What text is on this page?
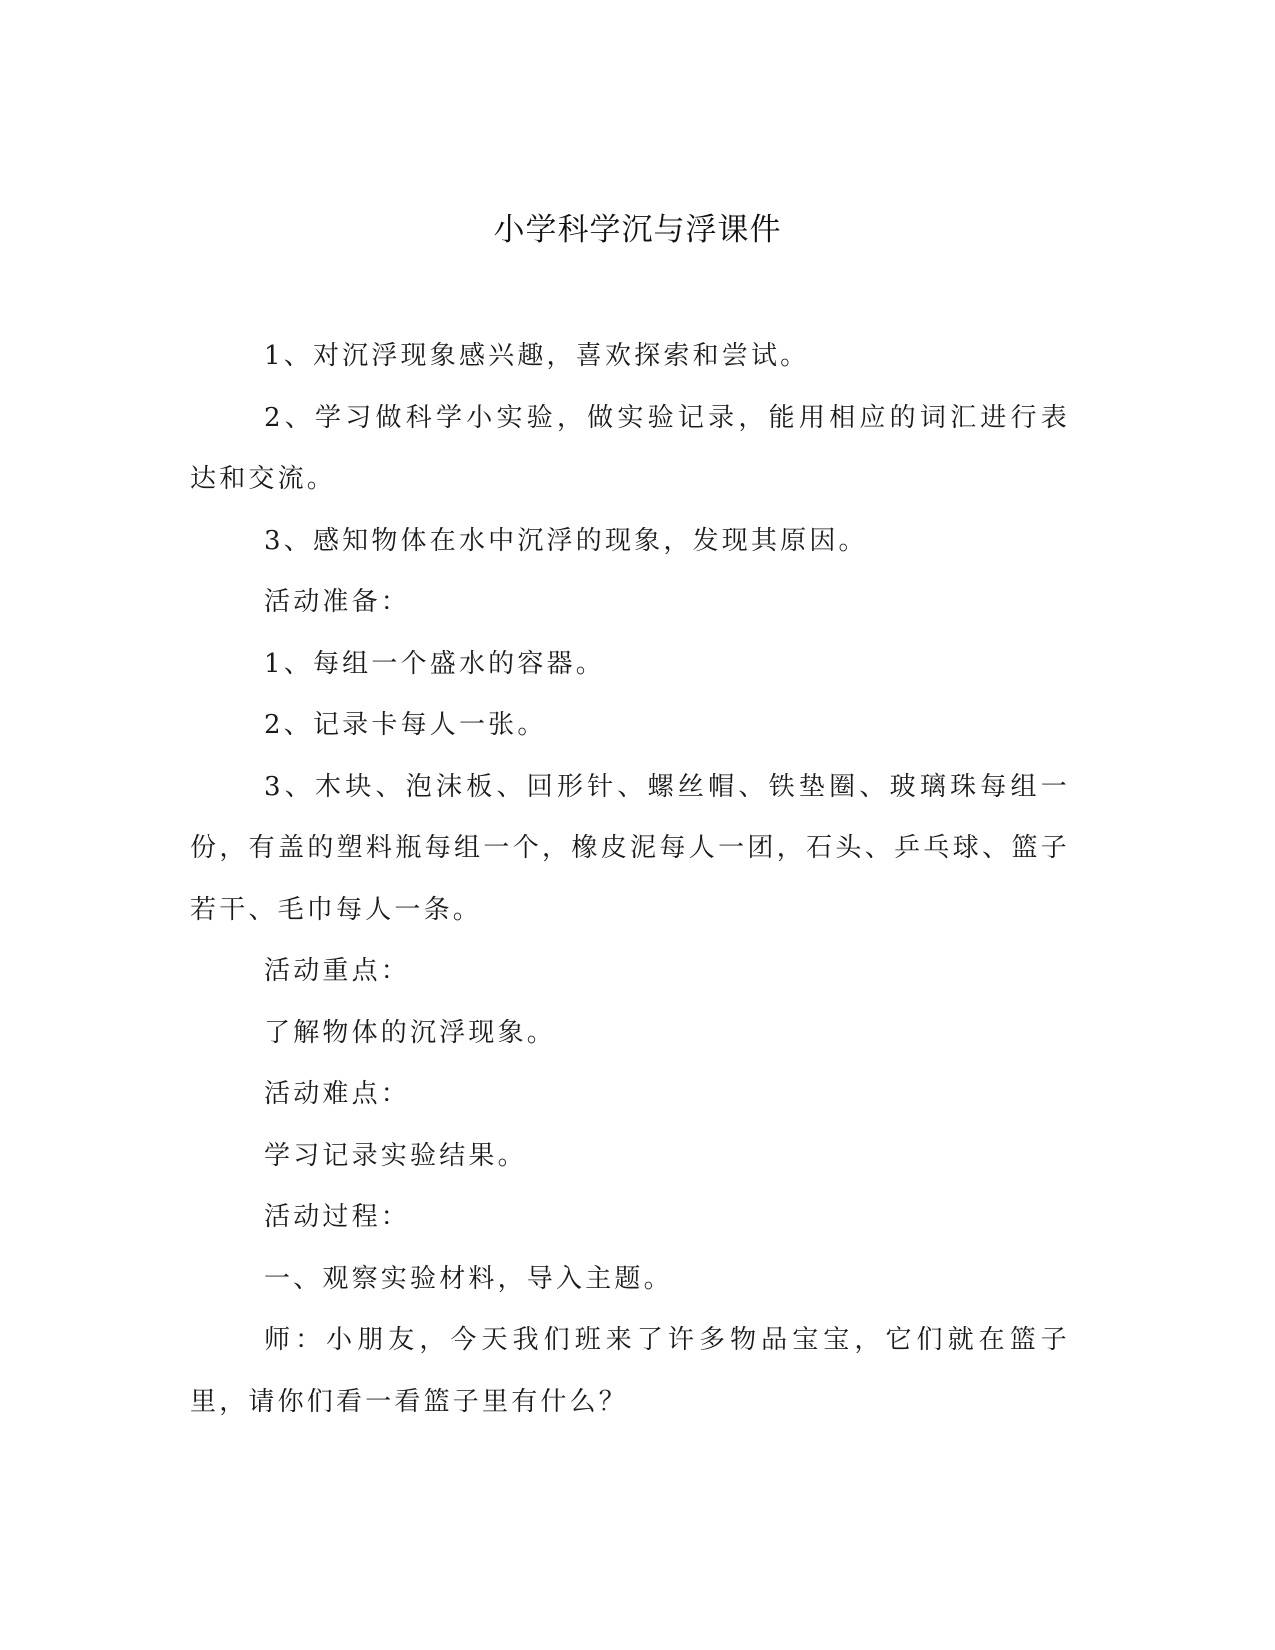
小学科学沉与浮课件

1、对沉浮现象感兴趣，喜欢探索和尝试。

2、学习做科学小实验，做实验记录，能用相应的词汇进行表达和交流。

3、感知物体在水中沉浮的现象，发现其原因。

活动准备：

1、每组一个盛水的容器。

2、记录卡每人一张。

3、木块、泡沫板、回形针、螺丝帽、铁垫圈、玻璃珠每组一份，有盖的塑料瓶每组一个，橡皮泥每人一团，石头、乒乓球、篮子若干、毛巾每人一条。

活动重点：

了解物体的沉浮现象。

活动难点：

学习记录实验结果。

活动过程：

一、观察实验材料，导入主题。

师：小朋友，今天我们班来了许多物品宝宝，它们就在篮子里，请你们看一看篮子里有什么？
